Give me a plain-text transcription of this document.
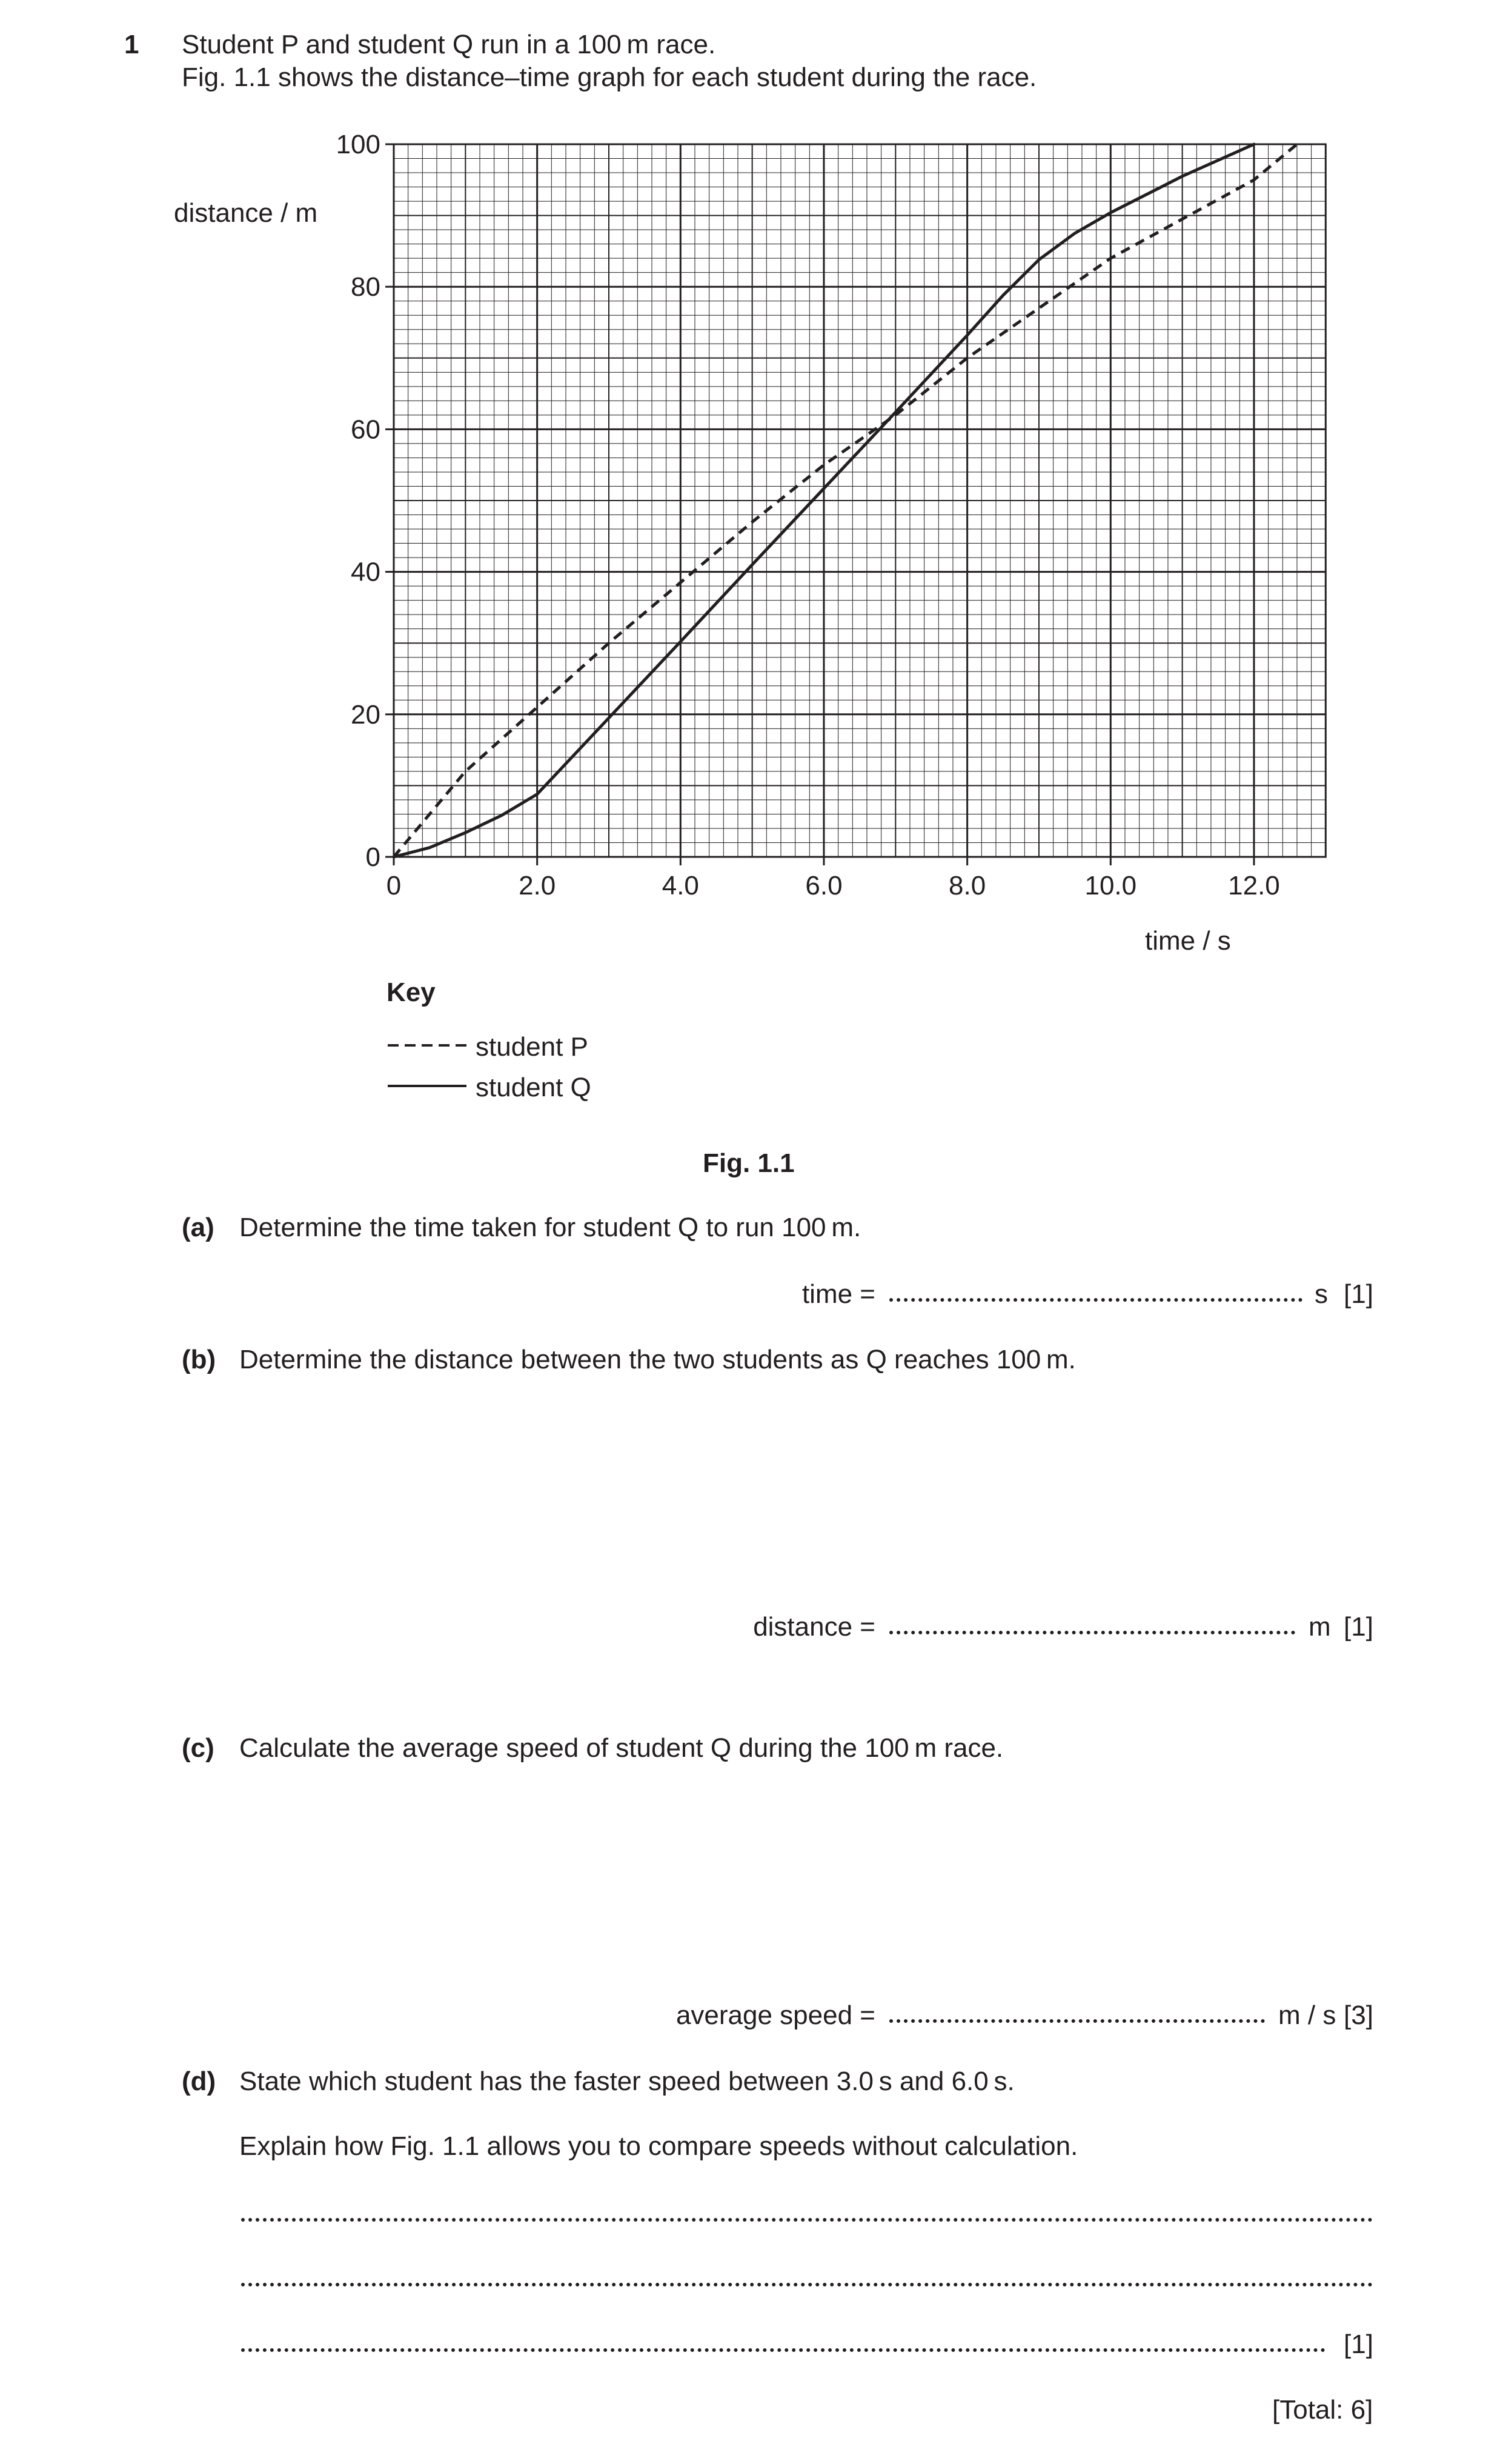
1 Student P and student Q run in a 100 m race.
Fig. 1.1 shows the distance–time graph for each student during the race.
0	2.0	4.0	6.0	8.0	10.0	12.0
0
20
40
60
80
100
distance / m
time / s
Key
student P
student Q
Fig. 1.1
(a) Determine the time taken for student Q to run 100 m.
time =	s [1]
(b) Determine the distance between the two students as Q reaches 100 m.
distance =	m [1]
(c) Calculate the average speed of student Q during the 100 m race.
average speed =	m / s [3]
(d) State which student has the faster speed between 3.0 s and 6.0 s.
Explain how Fig. 1.1 allows you to compare speeds without calculation.
[1]
[Total: 6]
